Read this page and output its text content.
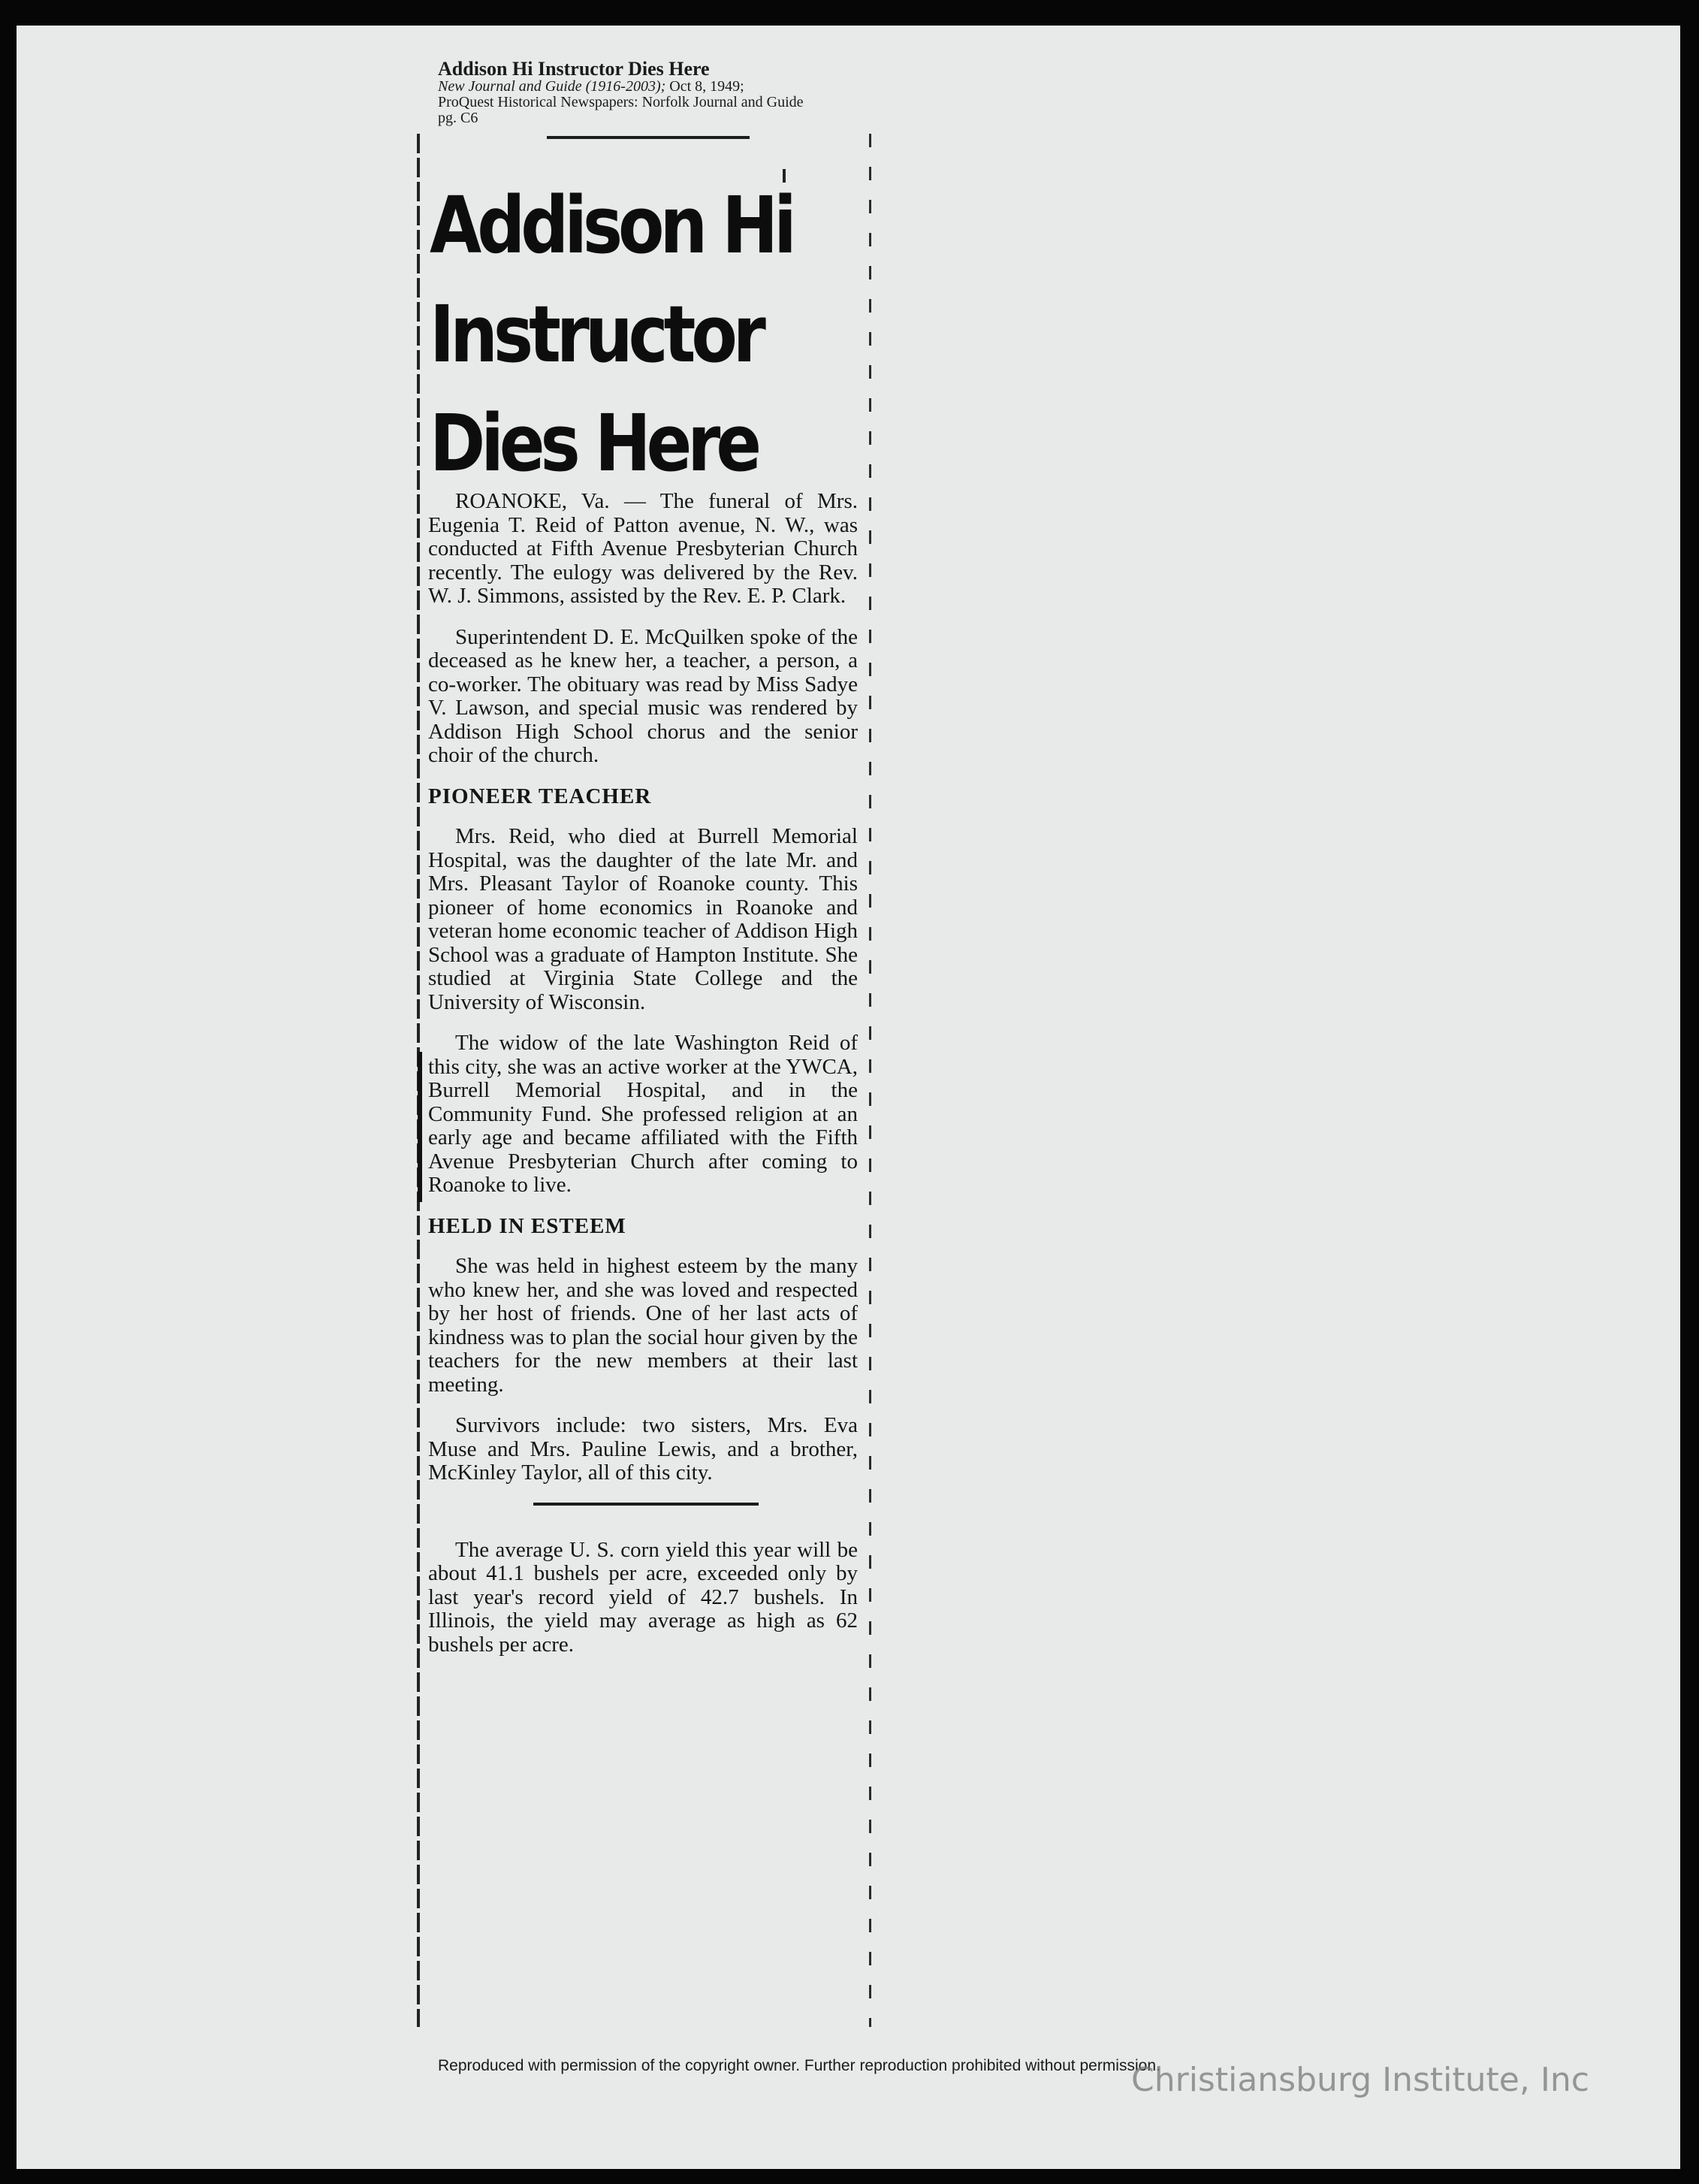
Addison Hi Instructor Dies Here
New Journal and Guide (1916-2003); Oct 8, 1949;
ProQuest Historical Newspapers: Norfolk Journal and Guide
pg. C6
Addison Hi
Instructor
Dies Here

ROANOKE, Va. — The funeral of Mrs. Eugenia T. Reid of Patton avenue, N. W., was conducted at Fifth Avenue Presbyterian Church recently. The eulogy was delivered by the Rev. W. J. Simmons, assisted by the Rev. E. P. Clark.

Superintendent D. E. McQuilken spoke of the deceased as he knew her, a teacher, a person, a co-worker. The obituary was read by Miss Sadye V. Lawson, and special music was rendered by Addison High School chorus and the senior choir of the church.

PIONEER TEACHER

Mrs. Reid, who died at Burrell Memorial Hospital, was the daughter of the late Mr. and Mrs. Pleasant Taylor of Roanoke county. This pioneer of home economics in Roanoke and veteran home economic teacher of Addison High School was a graduate of Hampton Institute. She studied at Virginia State College and the University of Wisconsin.

The widow of the late Washington Reid of this city, she was an active worker at the YWCA, Burrell Memorial Hospital, and in the Community Fund. She professed religion at an early age and became affiliated with the Fifth Avenue Presbyterian Church after coming to Roanoke to live.

HELD IN ESTEEM

She was held in highest esteem by the many who knew her, and she was loved and respected by her host of friends. One of her last acts of kindness was to plan the social hour given by the teachers for the new members at their last meeting.

Survivors include: two sisters, Mrs. Eva Muse and Mrs. Pauline Lewis, and a brother, McKinley Taylor, all of this city.

The average U. S. corn yield this year will be about 41.1 bushels per acre, exceeded only by last year's record yield of 42.7 bushels. In Illinois, the yield may average as high as 62 bushels per acre.

Reproduced with permission of the copyright owner. Further reproduction prohibited without permission.
Christiansburg Institute, Inc
